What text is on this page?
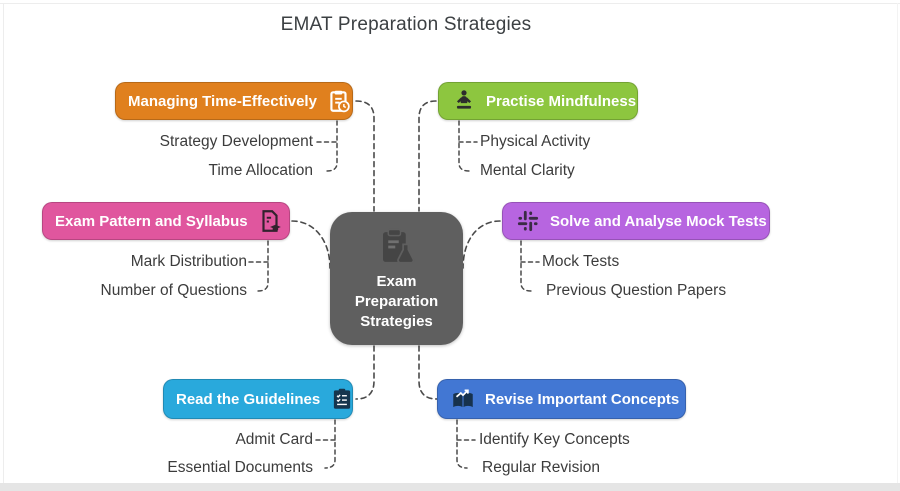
EMAT Preparation Strategies
Exam
Preparation
Strategies
Managing Time-Effectively
Strategy Development
Time Allocation
Practise Mindfulness
Physical Activity
Mental Clarity
Exam Pattern and Syllabus
Mark Distribution
Number of Questions
Solve and Analyse Mock Tests
Mock Tests
Previous Question Papers
Read the Guidelines
Admit Card
Essential Documents
Revise Important Concepts
Identify Key Concepts
Regular Revision
